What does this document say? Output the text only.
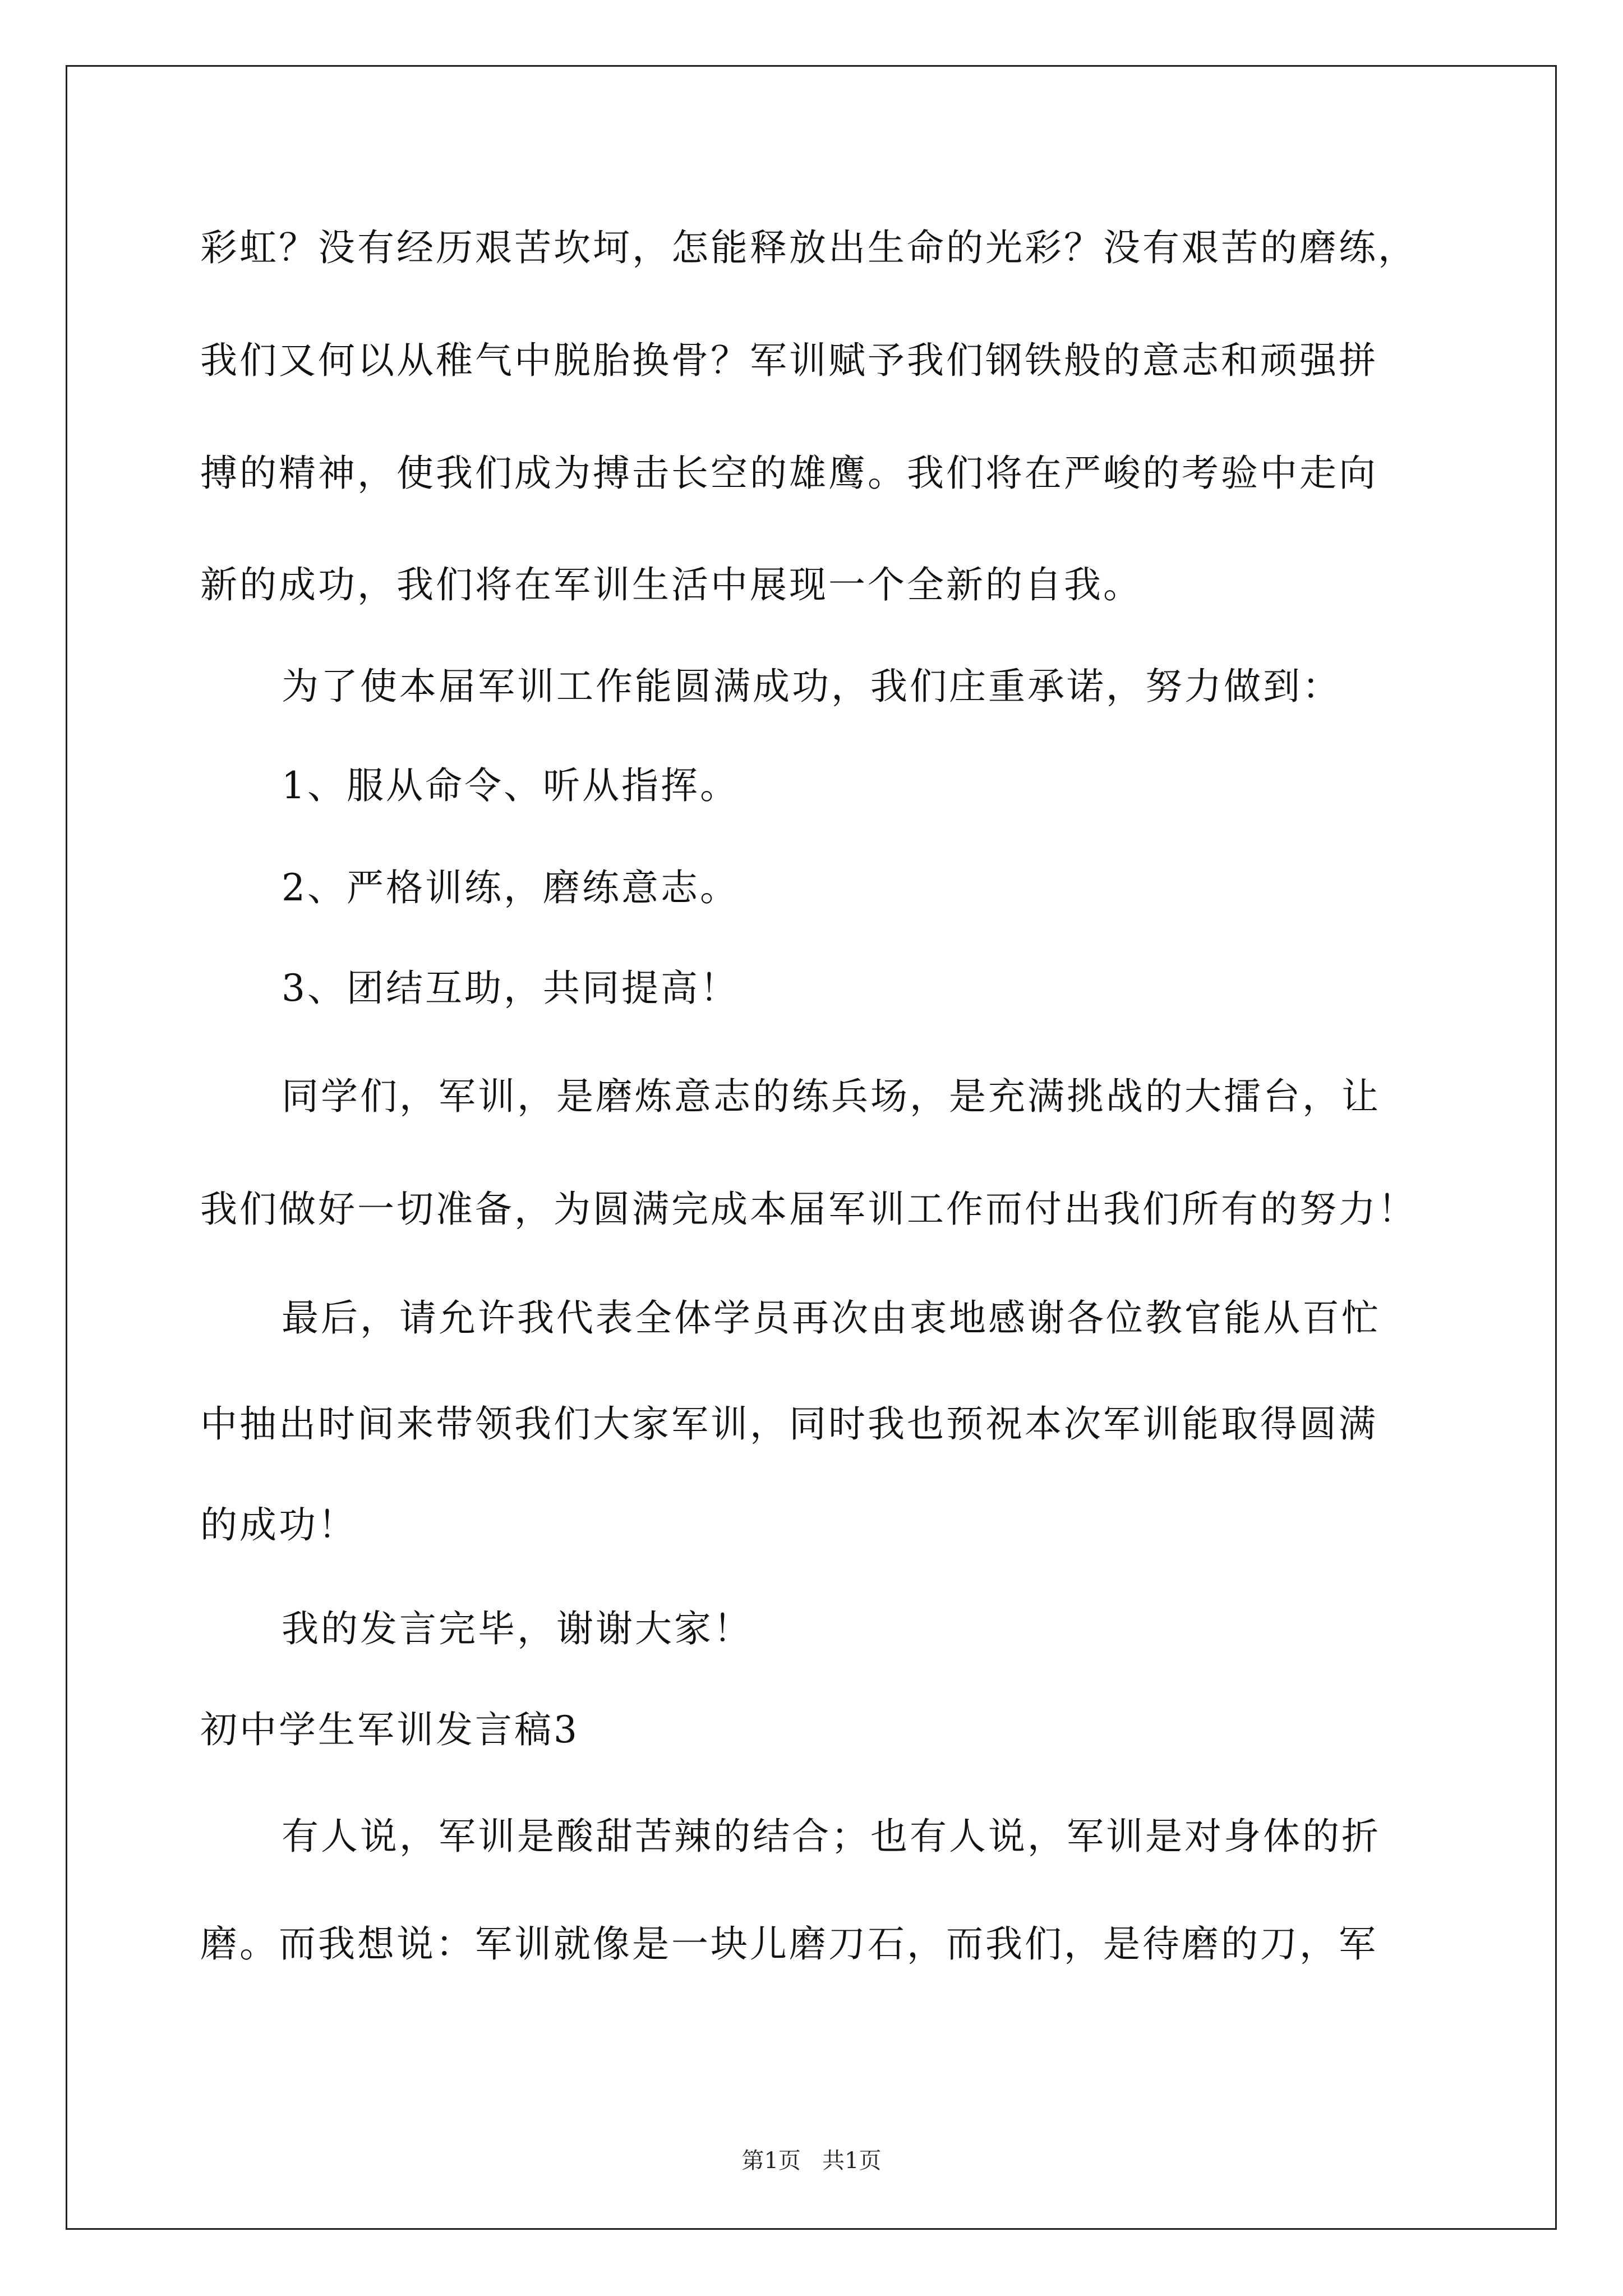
彩虹？没有经历艰苦坎坷，怎能释放出生命的光彩？没有艰苦的磨练，
我们又何以从稚气中脱胎换骨？军训赋予我们钢铁般的意志和顽强拼
搏的精神，使我们成为搏击长空的雄鹰。我们将在严峻的考验中走向
新的成功，我们将在军训生活中展现一个全新的自我。
为了使本届军训工作能圆满成功，我们庄重承诺，努力做到：
1、服从命令、听从指挥。
2、严格训练，磨练意志。
3、团结互助，共同提高！
同学们，军训，是磨炼意志的练兵场，是充满挑战的大擂台，让
我们做好一切准备，为圆满完成本届军训工作而付出我们所有的努力！
最后，请允许我代表全体学员再次由衷地感谢各位教官能从百忙
中抽出时间来带领我们大家军训，同时我也预祝本次军训能取得圆满
的成功！
我的发言完毕，谢谢大家！
初中学生军训发言稿3
有人说，军训是酸甜苦辣的结合；也有人说，军训是对身体的折
磨。而我想说：军训就像是一块儿磨刀石，而我们，是待磨的刀，军
第1页   共1页
